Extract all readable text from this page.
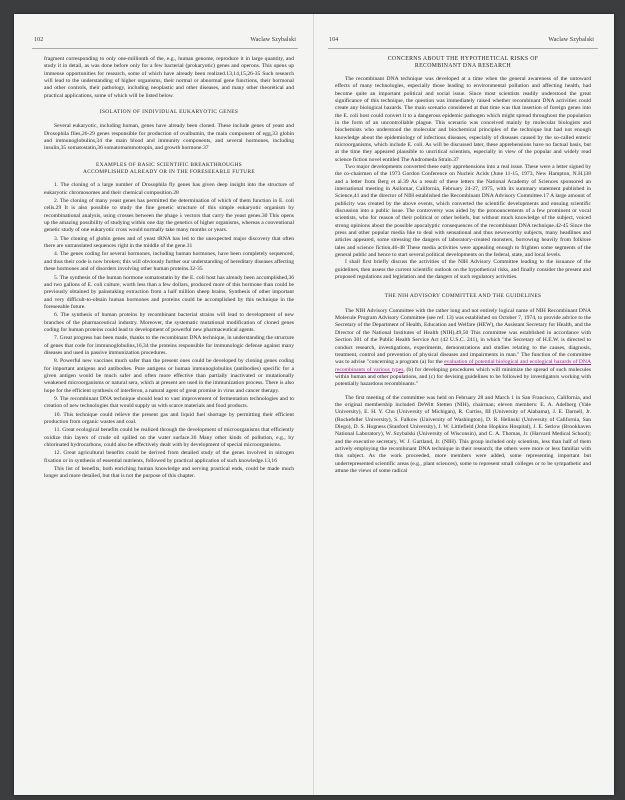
102	Waclaw Szybalski

fragment corresponding to only one-millionth of the, e.g., human genome, reproduce it in large quantity, and study it in detail, as was done before only for a few bacterial (prokaryotic) genes and operons. This opens up immense opportunities for research, some of which have already been realized.13,14,15,26-35 Such research will lead to the understanding of higher organisms, their normal or abnormal gene functions, their hormonal and other controls, their pathology, including neoplastic and other diseases, and many other theoretical and practical applications, some of which will be listed below.

ISOLATION OF INDIVIDUAL EUKARYOTIC GENES

Several eukaryotic, including human, genes have already been cloned. These include genes of yeast and Drosophila flies,26-29 genes responsible for production of ovalbumin, the main component of egg,33 globin and immunoglobulins,34 the main blood and immunity components, and several hormones, including insulin,35 somatostatin,36 somatomammotropin, and growth hormone.37

EXAMPLES OF BASIC SCIENTIFIC BREAKTHROUGHS
ACCOMPLISHED ALREADY OR IN THE FORESEEABLE FUTURE

1. The cloning of a large number of Drosophila fly genes has given deep insight into the structure of eukaryotic chromosomes and their chemical composition.28

2. The cloning of many yeast genes has permitted the determination of which of them function in E. coli cells.29 It is also possible to study the fine genetic structure of this simple eukaryotic organism by recombinational analysis, using crosses between the phage λ vectors that carry the yeast genes.30 This opens up the amazing possibility of studying within one day the genetics of higher organisms, whereas a conventional genetic study of one eukaryotic cross would normally take many months or years.

3. The cloning of globin genes and of yeast tRNA has led to the unexpected major discovery that often there are untranslated sequences right in the middle of the gene.31

4. The genes coding for several hormones, including human hormones, have been completely sequenced, and thus their code is now broken; this will obviously further our understanding of hereditary diseases affecting these hormones and of disorders involving other human proteins.32-35

5. The synthesis of the human hormone somatostatin by the E. coli host has already been accomplished,36 and two gallons of E. coli culture, worth less than a few dollars, produced more of this hormone than could be previously obtained by painstaking extraction from a half million sheep brains. Synthesis of other important and very difficult-to-obtain human hormones and proteins could be accomplished by this technique in the foreseeable future.

6. The synthesis of human proteins by recombinant bacterial strains will lead to development of new branches of the pharmaceutical industry. Moreover, the systematic mutational modification of cloned genes coding for human proteins could lead to development of powerful new pharmaceutical agents.

7. Great progress has been made, thanks to the recombinant DNA technique, in understanding the structure of genes that code for immunoglobulins,16,34 the proteins responsible for immunologic defense against many diseases and used in passive immunization procedures.

8. Powerful new vaccines much safer than the present ones could be developed by cloning genes coding for important antigens and antibodies. Pure antigens or human immunoglobulins (antibodies) specific for a given antigen would be much safer and often more effective than partially inactivated or mutationally weakened microorganisms or natural sera, which at present are used in the immunization process. There is also hope for the efficient synthesis of interferon, a natural agent of great promise in virus and cancer therapy.

9. The recombinant DNA technique should lead to vast improvement of fermentation technologies and to creation of new technologies that would supply us with scarce materials and food products.

10. This technique could relieve the present gas and liquid fuel shortage by permitting their efficient production from organic wastes and coal.

11. Great ecological benefits could be realized through the development of microorganisms that efficiently oxidize thin layers of crude oil spilled on the water surface.36 Many other kinds of pollution, e.g., by chlorinated hydrocarbons, could also be effectively dealt with by development of special microorganisms.

12. Great agricultural benefits could be derived from detailed study of the genes involved in nitrogen fixation or in synthesis of essential nutrients, followed by practical application of such knowledge.13,16

This list of benefits, both enriching human knowledge and serving practical ends, could be made much longer and more detailed, but that is not the purpose of this chapter.

104	Waclaw Szybalski
CONCERNS ABOUT THE HYPOTHETICAL RISKS OF
RECOMBINANT DNA RESEARCH

The recombinant DNA technique was developed at a time when the general awareness of the untoward effects of many technologies, especially those leading to environmental pollution and affecting health, had become quite an important political and social issue. Since most scientists readily understood the great significance of this technique, the question was immediately raised whether recombinant DNA activities could create any biological hazards. The main scenario considered at that time was that insertion of foreign genes into the E. coli host could convert it to a dangerous epidemic pathogen which might spread throughout the population in the form of an uncontrollable plague. This scenario was conceived mainly by molecular biologists and biochemists who understood the molecular and biochemical principles of the technique but had not enough knowledge about the epidemiology of infectious diseases, especially of diseases caused by the so-called enteric microorganisms, which include E. coli. As will be discussed later, these apprehensions have no factual basis, but at the time they appeared plausible to uncritical scientists, especially in view of the popular and widely read science fiction novel entitled The Andromeda Strain.37

Two major developments converted these early apprehensions into a real issue. These were a letter signed by the co-chairmen of the 1973 Gordon Conference on Nucleic Acids (June 11-15, 1973, New Hampton, N.H.)38 and a letter from Berg et al.39 As a result of these letters the National Academy of Sciences sponsored an international meeting in Asilomar, California, February 24-27, 1975, with its summary statement published in Science,41 and the director of NIH established the Recombinant DNA Advisory Committee.17 A large amount of publicity was created by the above events, which converted the scientific developments and ensuing scientific discussion into a public issue. The controversy was aided by the pronouncements of a few prominent or vocal scientists, who for reason of their political or other beliefs, but without much knowledge of the subject, voiced strong opinions about the possible apocalyptic consequences of the recombinant DNA technique.42-45 Since the press and other popular media like to deal with sensational and thus newsworthy subjects, many headlines and articles appeared, some stressing the dangers of laboratory-created monsters, borrowing heavily from folklore tales and science fiction.46-48 These media activities were appealing enough to frighten some segments of the general public and hence to start several political developments on the federal, state, and local levels.

I shall first briefly discuss the activities of the NIH Advisory Committee leading to the issuance of the guidelines, then assess the current scientific outlook on the hypothetical risks, and finally consider the present and proposed regulations and legislation and the dangers of such regulatory activities.

THE NIH ADVISORY COMMITTEE AND THE GUIDELINES

The NIH Advisory Committee with the rather long and not entirely logical name of NIH Recombinant DNA Molecule Program Advisory Committee (see ref. 13) was established on October 7, 1974, to provide advice to the Secretary of the Department of Health, Education and Welfare (HEW), the Assistant Secretary for Health, and the Director of the National Institutes of Health (NIH).49,50 This committee was established in accordance with Section 301 of the Public Health Service Act (42 U.S.C. 241), in which "the Secretary of H.E.W. is directed to conduct research, investigations, experiments, demonstrations and studies relating to the causes, diagnosis, treatment, control and prevention of physical diseases and impairments in man." The function of the committee was to advise "concerning a program (a) for the evaluation of potential biological and ecological hazards of DNA recombinants of various types, (b) for developing procedures which will minimize the spread of such molecules within human and other populations, and (c) for devising guidelines to be followed by investigators working with potentially hazardous recombinants."

The first meeting of the committee was held on February 28 and March 1 in San Francisco, California, and the original membership included DeWitt Stetten (NIH), chairman; eleven members: E. A. Adelberg (Yale University), E. H. Y. Chu (University of Michigan), R. Curtiss, III (University of Alabama), J. E. Darnell, Jr. (Rockefeller University), S. Falkow (University of Washington), D. R. Helinski (University of California, San Diego), D. S. Hogness (Stanford University), J. W. Littlefield (John Hopkins Hospital), J. E. Setlow (Brookhaven National Laboratory), W. Szybalski (University of Wisconsin), and C. A. Thomas, Jr. (Harvard Medical School); and the executive secretary, W. J. Gartland, Jr. (NIH). This group included only scientists, less than half of them actively employing the recombinant DNA technique in their research; the others were more or less familiar with this subject. As the work proceeded, more members were added, some representing important but underrepresented scientific areas (e.g., plant sciences), some to represent small colleges or to be sympathetic and attune the views of some radical
